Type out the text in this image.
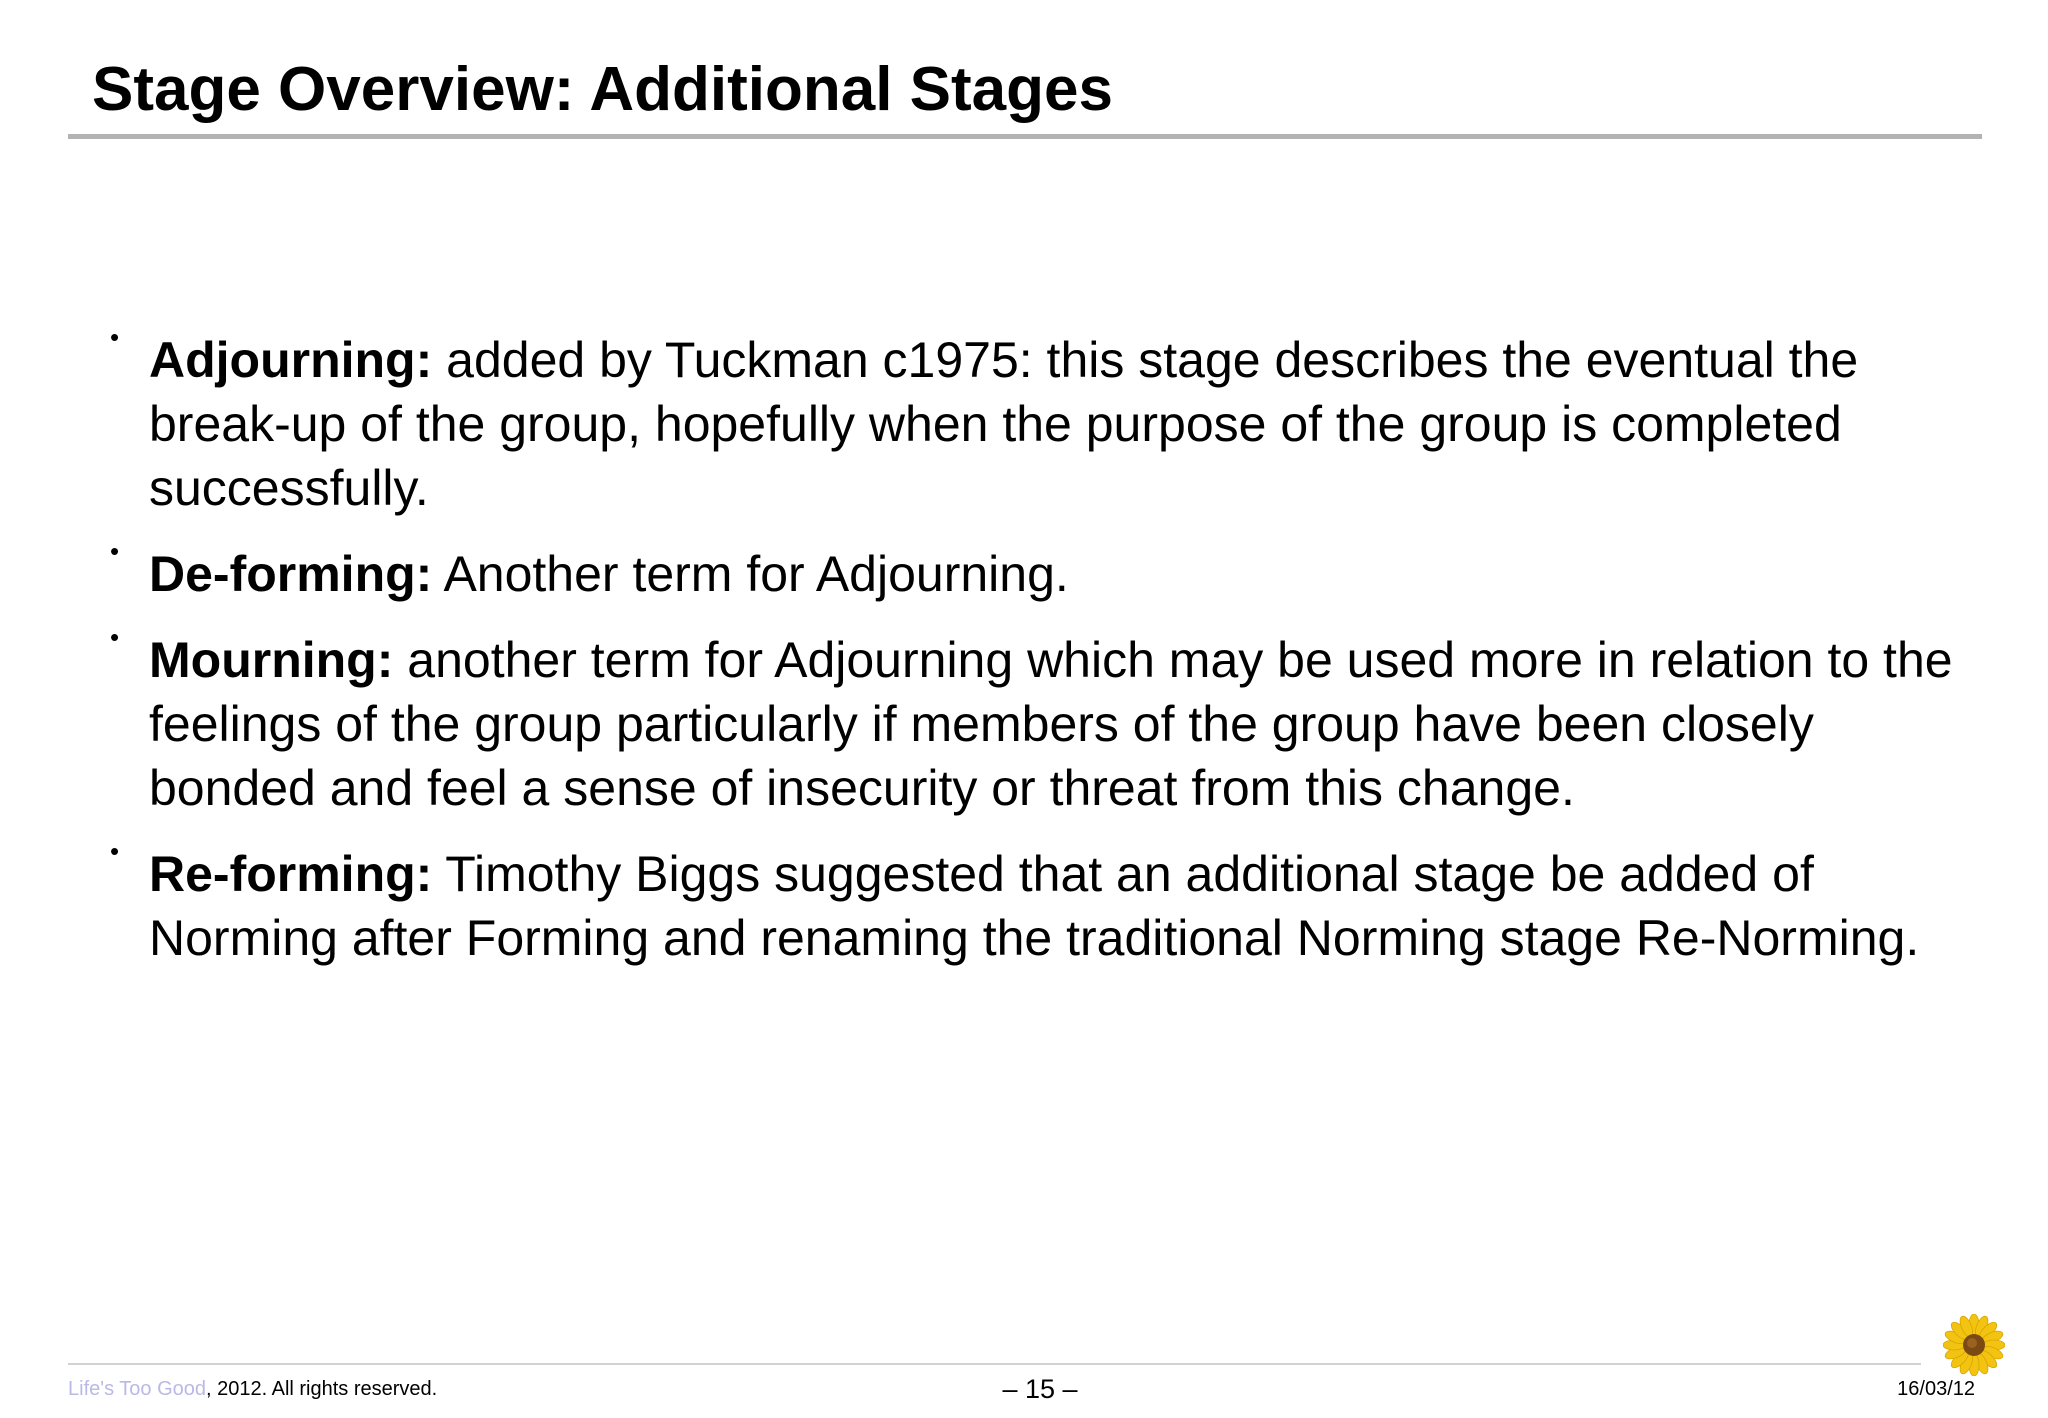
Stage Overview: Additional Stages
• Adjourning: added by Tuckman c1975: this stage describes the eventual the break-up of the group, hopefully when the purpose of the group is completed successfully.
• De-forming: Another term for Adjourning.
• Mourning: another term for Adjourning which may be used more in relation to the feelings of the group particularly if members of the group have been closely bonded and feel a sense of insecurity or threat from this change.
• Re-forming: Timothy Biggs suggested that an additional stage be added of Norming after Forming and renaming the traditional Norming stage Re-Norming.
Life's Too Good, 2012. All rights reserved.	– 15 –	16/03/12
